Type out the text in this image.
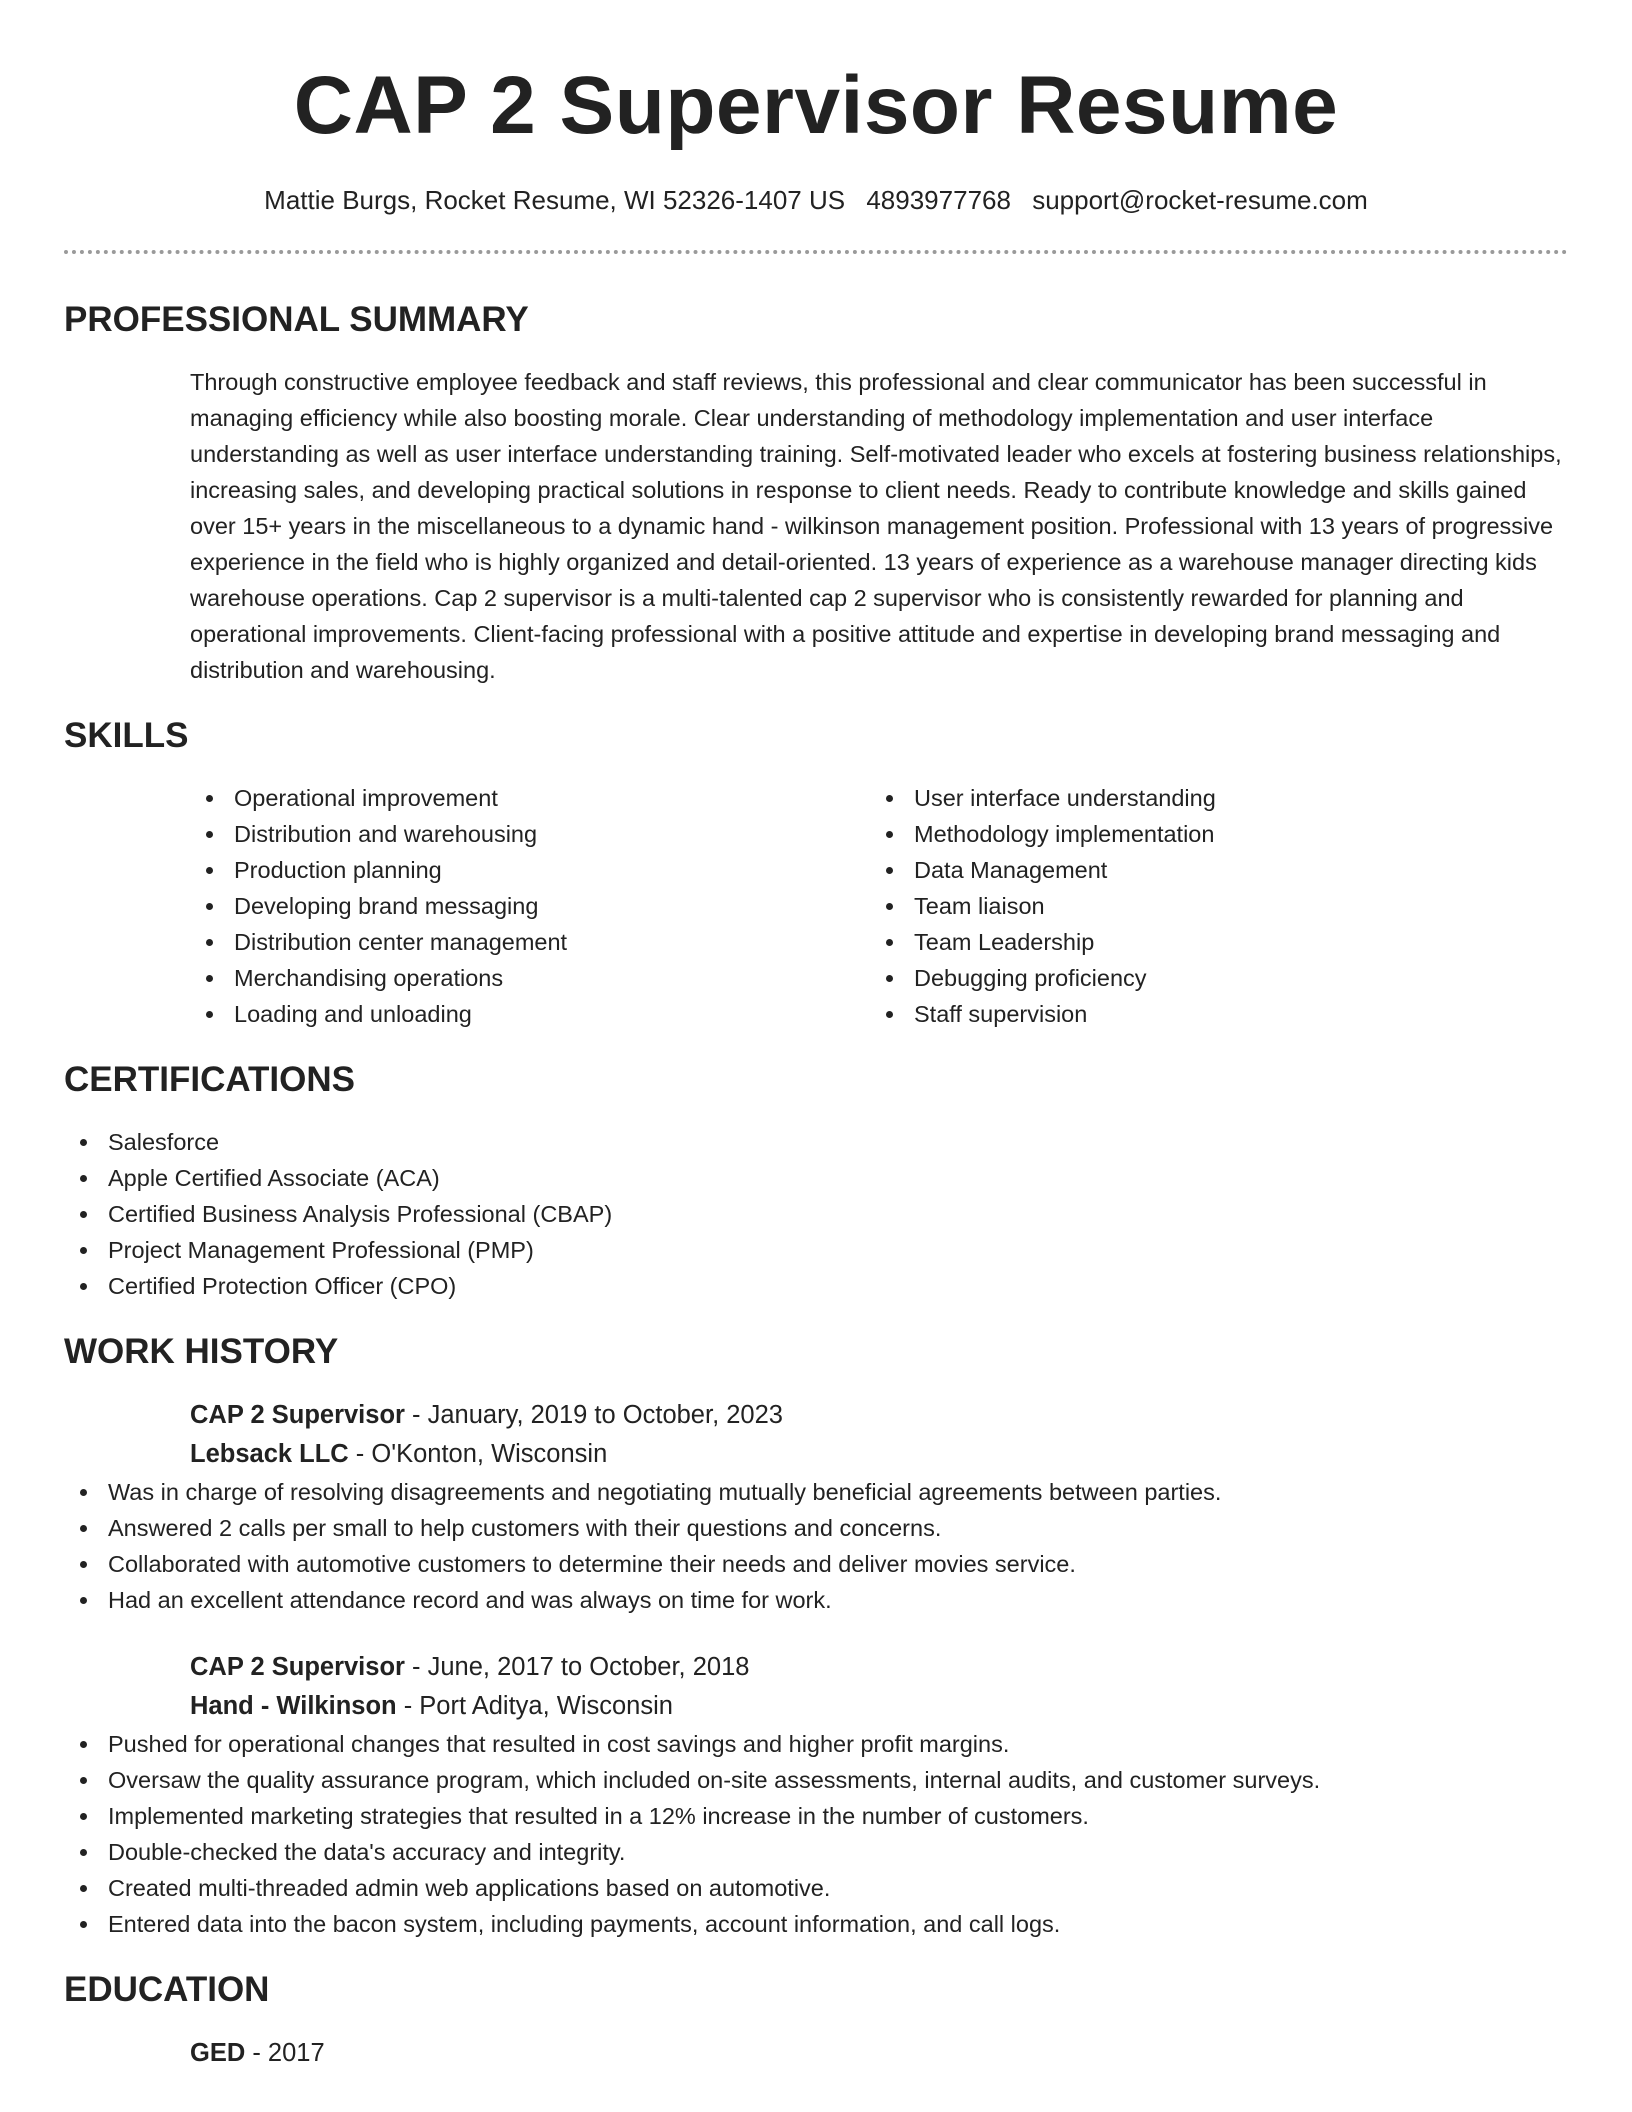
CAP 2 Supervisor Resume
Mattie Burgs, Rocket Resume, WI 52326-1407 US 4893977768 support@rocket-resume.com
PROFESSIONAL SUMMARY

Through constructive employee feedback and staff reviews, this professional and clear communicator has been successful in managing efficiency while also boosting morale. Clear understanding of methodology implementation and user interface understanding as well as user interface understanding training. Self-motivated leader who excels at fostering business relationships, increasing sales, and developing practical solutions in response to client needs. Ready to contribute knowledge and skills gained over 15+ years in the miscellaneous to a dynamic hand - wilkinson management position. Professional with 13 years of progressive experience in the field who is highly organized and detail-oriented. 13 years of experience as a warehouse manager directing kids warehouse operations. Cap 2 supervisor is a multi-talented cap 2 supervisor who is consistently rewarded for planning and operational improvements. Client-facing professional with a positive attitude and expertise in developing brand messaging and distribution and warehousing.

SKILLS
Operational improvement
Distribution and warehousing
Production planning
Developing brand messaging
Distribution center management
Merchandising operations
Loading and unloading
User interface understanding
Methodology implementation
Data Management
Team liaison
Team Leadership
Debugging proficiency
Staff supervision
CERTIFICATIONS
Salesforce
Apple Certified Associate (ACA)
Certified Business Analysis Professional (CBAP)
Project Management Professional (PMP)
Certified Protection Officer (CPO)
WORK HISTORY
CAP 2 Supervisor - January, 2019 to October, 2023
Lebsack LLC - O'Konton, Wisconsin
Was in charge of resolving disagreements and negotiating mutually beneficial agreements between parties.
Answered 2 calls per small to help customers with their questions and concerns.
Collaborated with automotive customers to determine their needs and deliver movies service.
Had an excellent attendance record and was always on time for work.
CAP 2 Supervisor - June, 2017 to October, 2018
Hand - Wilkinson - Port Aditya, Wisconsin
Pushed for operational changes that resulted in cost savings and higher profit margins.
Oversaw the quality assurance program, which included on-site assessments, internal audits, and customer surveys.
Implemented marketing strategies that resulted in a 12% increase in the number of customers.
Double-checked the data's accuracy and integrity.
Created multi-threaded admin web applications based on automotive.
Entered data into the bacon system, including payments, account information, and call logs.
EDUCATION
GED - 2017
